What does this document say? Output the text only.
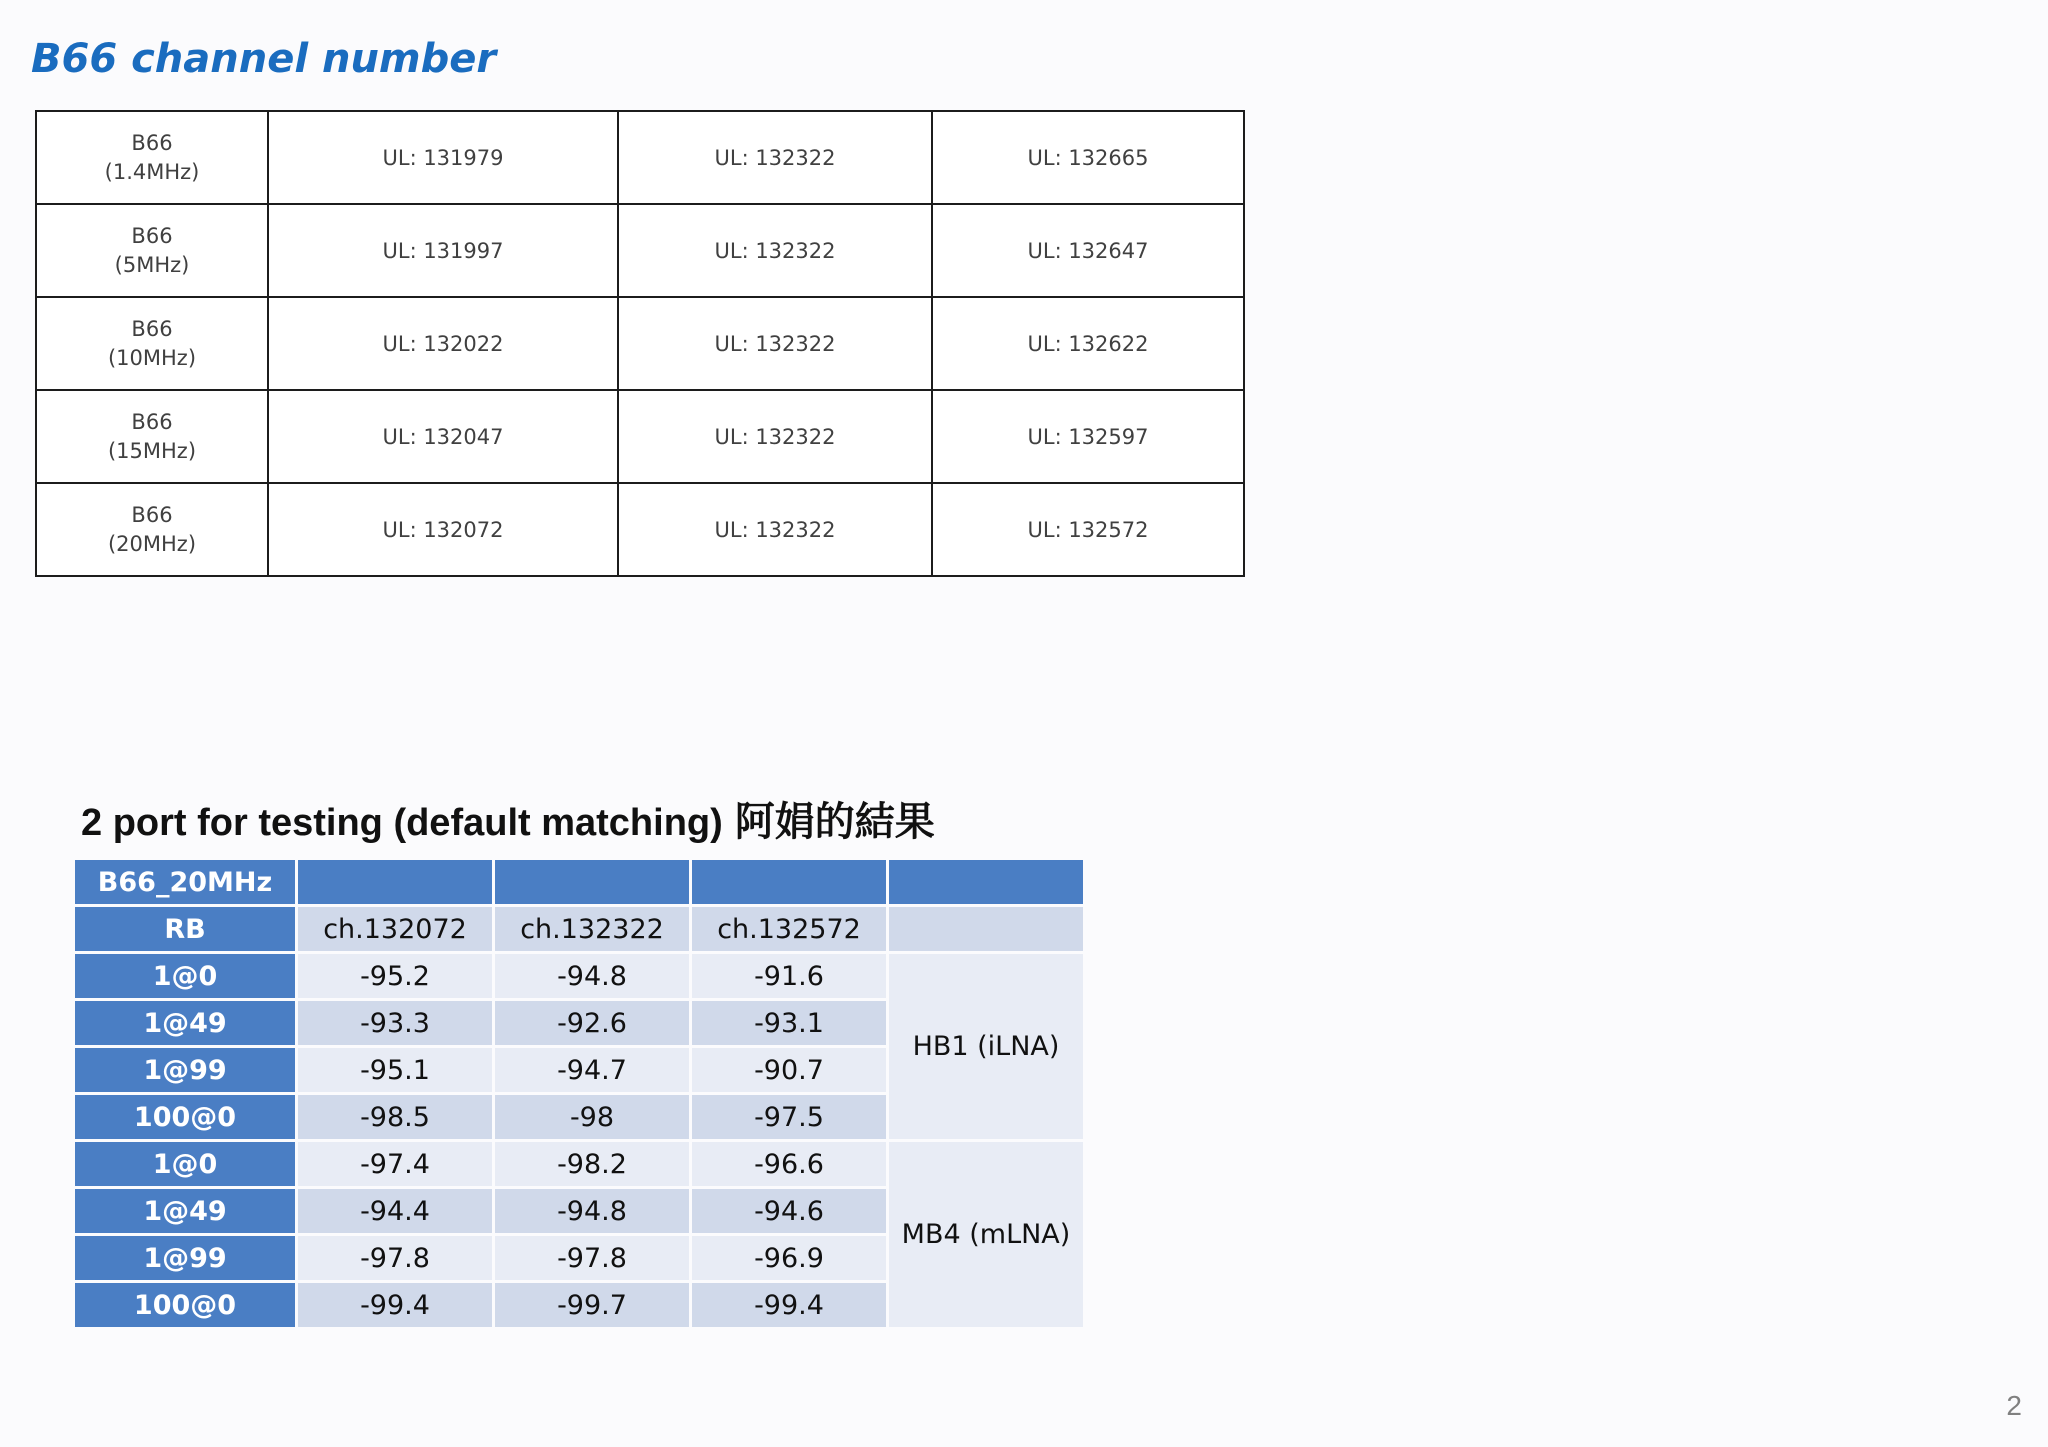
B66 channel number
B66
(1.4MHz)	UL: 131979	UL: 132322	UL: 132665

B66
(5MHz)	UL: 131997	UL: 132322	UL: 132647

B66
(10MHz)	UL: 132022	UL: 132322	UL: 132622

B66
(15MHz)	UL: 132047	UL: 132322	UL: 132597

B66
(20MHz)	UL: 132072	UL: 132322	UL: 132572
2 port for testing (default matching) 阿娟的結果
B66_20MHz				
RB	ch.132072	ch.132322	ch.132572	
1@0	-95.2	-94.8	-91.6	HB1 (iLNA)
1@49	-93.3	-92.6	-93.1	
1@99	-95.1	-94.7	-90.7	
100@0	-98.5	-98	-97.5	
1@0	-97.4	-98.2	-96.6	MB4 (mLNA)
1@49	-94.4	-94.8	-94.6	
1@99	-97.8	-97.8	-96.9	
100@0	-99.4	-99.7	-99.4	
2
